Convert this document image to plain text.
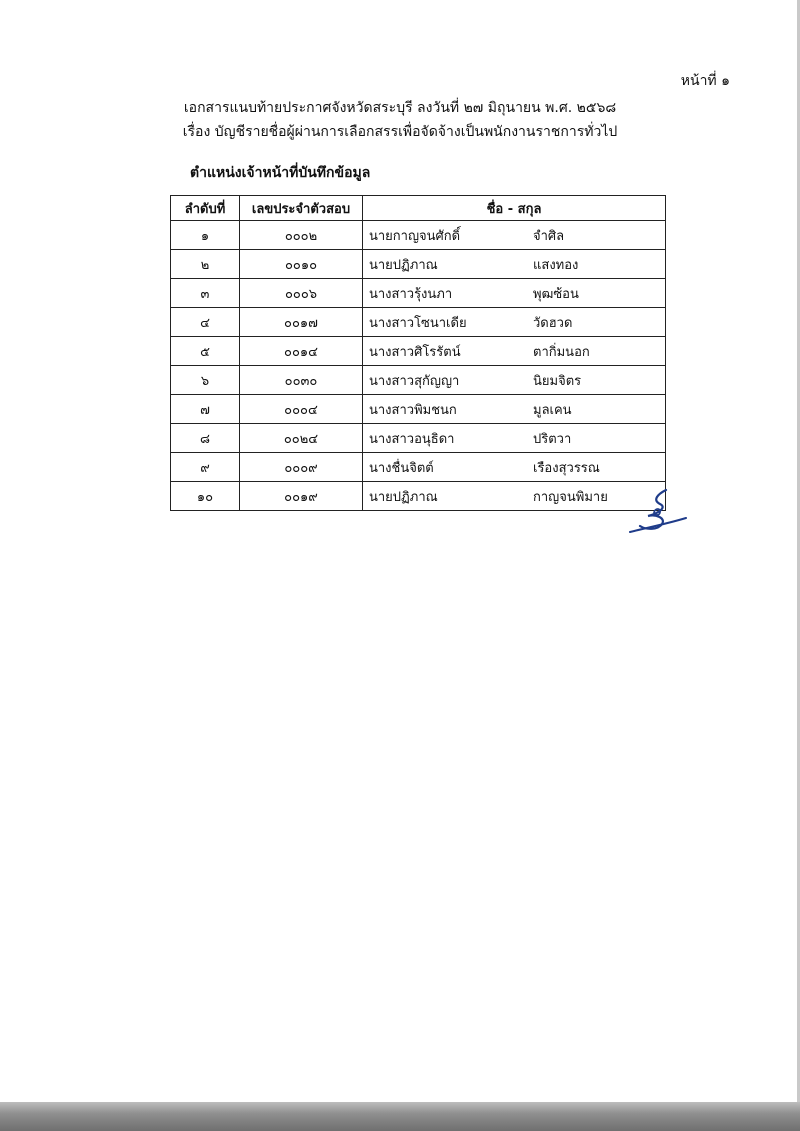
หน้าที่ ๑
เอกสารแนบท้ายประกาศจังหวัดสระบุรี ลงวันที่ ๒๗ มิถุนายน พ.ศ. ๒๕๖๘
เรื่อง บัญชีรายชื่อผู้ผ่านการเลือกสรรเพื่อจัดจ้างเป็นพนักงานราชการทั่วไป
ตำแหน่งเจ้าหน้าที่บันทึกข้อมูล
ลำดับที่	เลขประจำตัวสอบ	ชื่อ - สกุล	
๑	๐๐๐๒	นายกาญจนศักดิ์	จำศิล
๒	๐๐๑๐	นายปฏิภาณ	แสงทอง
๓	๐๐๐๖	นางสาวรุ้งนภา	พุฒซ้อน
๔	๐๐๑๗	นางสาวโซนาเดีย	วัดฮวด
๕	๐๐๑๔	นางสาวศิโรรัตน์	ตากิ่มนอก
๖	๐๐๓๐	นางสาวสุกัญญา	นิยมจิตร
๗	๐๐๐๔	นางสาวพิมชนก	มูลเคน
๘	๐๐๒๔	นางสาวอนุธิดา	ปริตวา
๙	๐๐๐๙	นางชื่นจิตต์	เรืองสุวรรณ
๑๐	๐๐๑๙	นายปฏิภาณ	กาญจนพิมาย
